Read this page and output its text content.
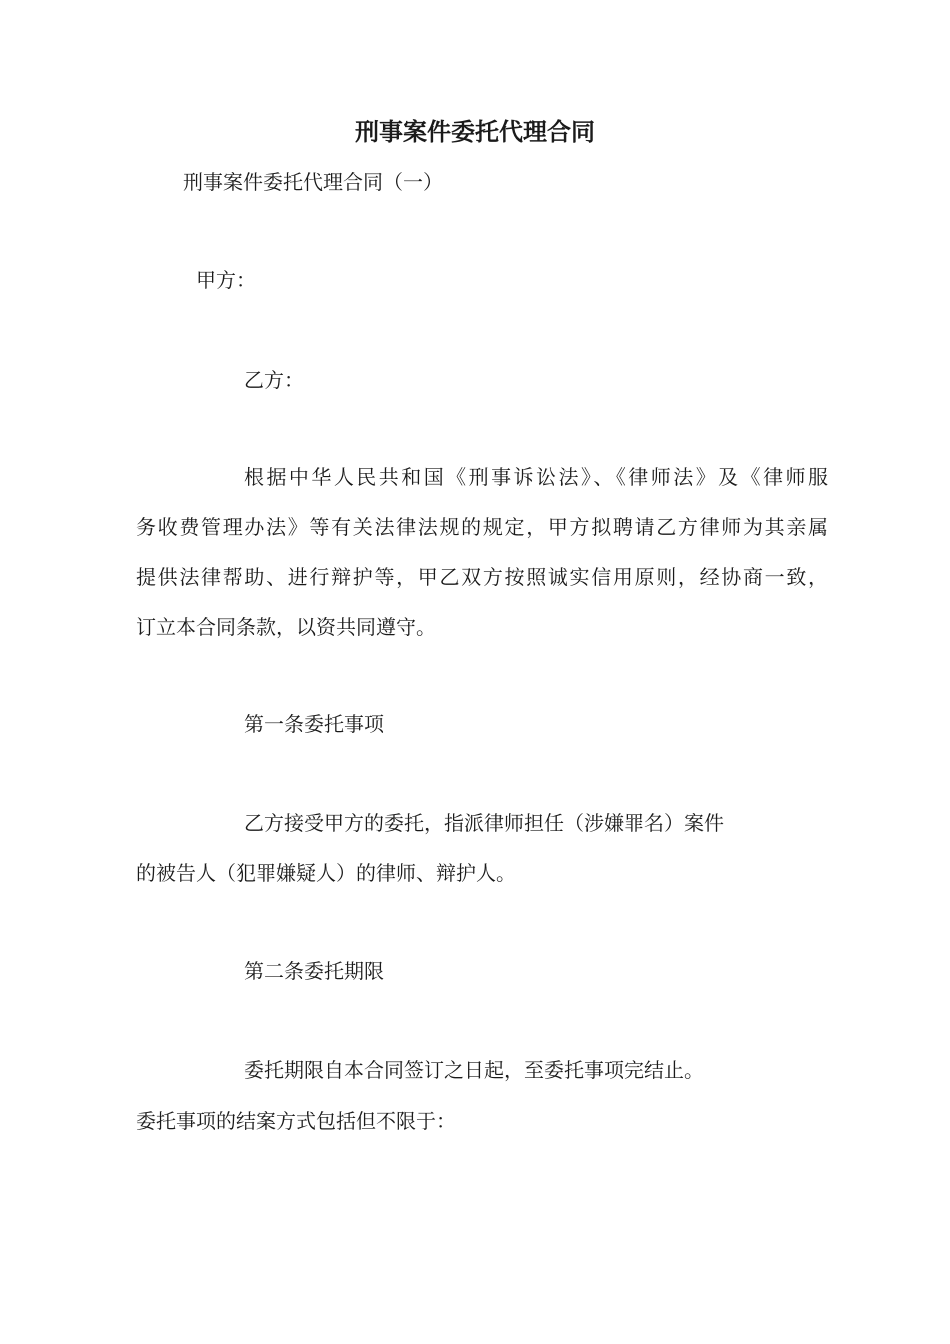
刑事案件委托代理合同
刑事案件委托代理合同（一）
甲方：
乙方：
根据中华人民共和国《刑事诉讼法》、《律师法》及《律师服
务收费管理办法》等有关法律法规的规定，甲方拟聘请乙方律师为其亲属
提供法律帮助、进行辩护等，甲乙双方按照诚实信用原则，经协商一致，
订立本合同条款，以资共同遵守。
第一条委托事项
乙方接受甲方的委托，指派律师担任（涉嫌罪名）案件
的被告人（犯罪嫌疑人）的律师、辩护人。
第二条委托期限
委托期限自本合同签订之日起，至委托事项完结止。
委托事项的结案方式包括但不限于：
